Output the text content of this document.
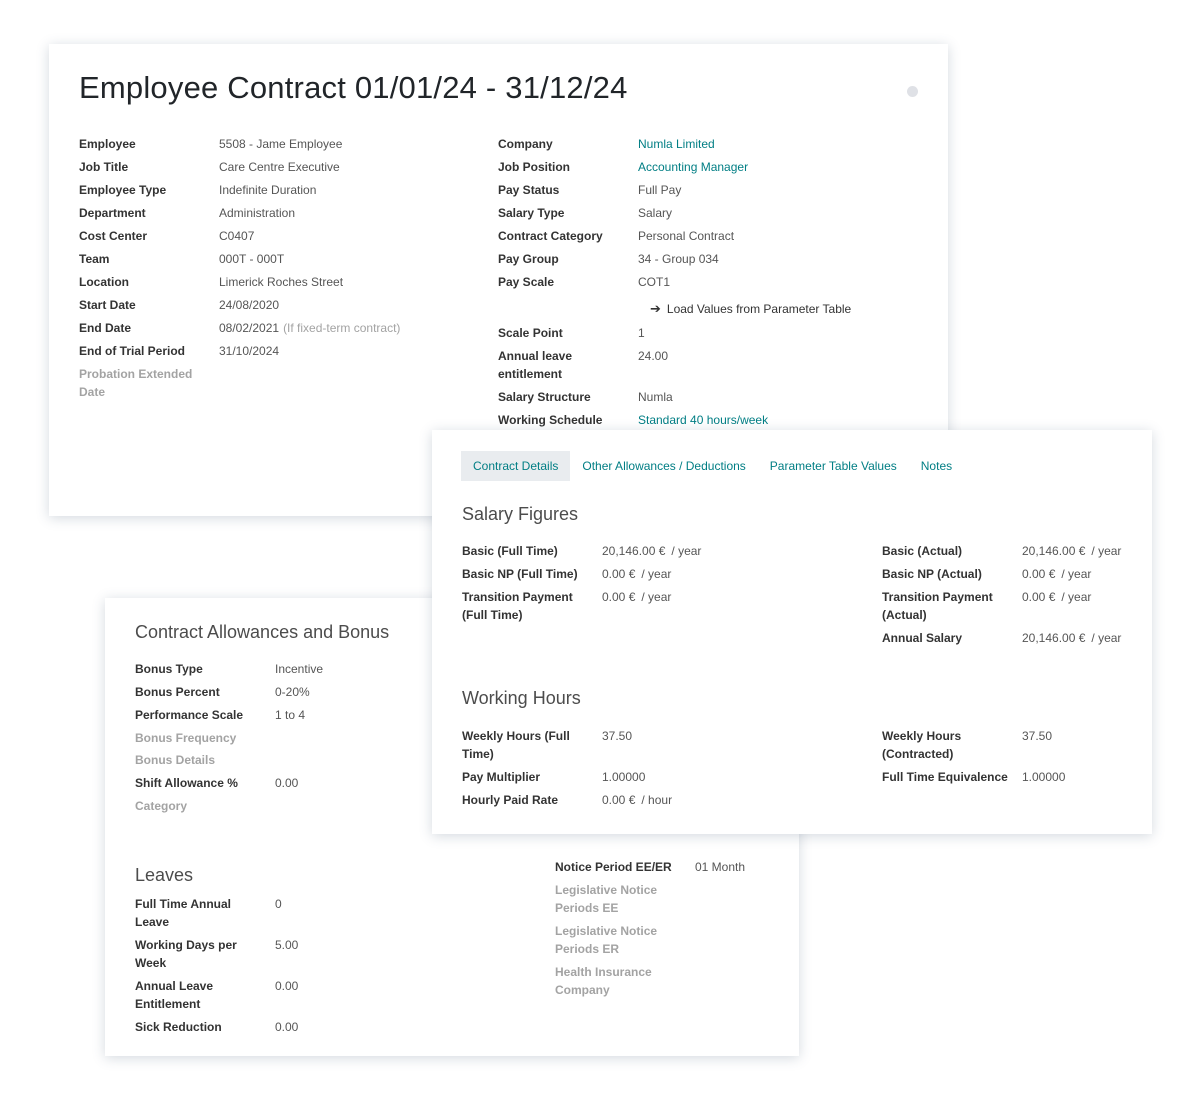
Employee Contract 01/01/24 - 31/12/24
Employee	5508 - Jame Employee
Job Title	Care Centre Executive
Employee Type	Indefinite Duration
Department	Administration
Cost Center	C0407
Team	000T - 000T
Location	Limerick Roches Street
Start Date	24/08/2020
End Date	08/02/2021 (If fixed-term contract)
End of Trial Period	31/10/2024
Probation Extended Date
Company	Numla Limited
Job Position	Accounting Manager
Pay Status	Full Pay
Salary Type	Salary
Contract Category	Personal Contract
Pay Group	34 - Group 034
Pay Scale	COT1
➔ Load Values from Parameter Table
Scale Point	1
Annual leave entitlement
24.00
Salary Structure	Numla
Working Schedule	Standard 40 hours/week
Contract Allowances and Bonus
Bonus Type	Incentive
Bonus Percent	0-20%
Performance Scale	1 to 4
Bonus Frequency
Bonus Details
Shift Allowance %	0.00
Category
Leaves
Full Time Annual Leave
0
Working Days per Week
5.00
Annual Leave Entitlement
0.00
Sick Reduction	0.00
Notice Period EE/ER	01 Month
Legislative Notice Periods EE
Legislative Notice Periods ER
Health Insurance Company
Contract Details	Other Allowances / Deductions	Parameter Table Values	Notes
Salary Figures
Basic (Full Time)	20,146.00 € / year
Basic NP (Full Time)	0.00 € / year
Transition Payment (Full Time)
0.00 € / year
Basic (Actual)	20,146.00 € / year
Basic NP (Actual)	0.00 € / year
Transition Payment (Actual)
0.00 € / year
Annual Salary	20,146.00 € / year
Working Hours
Weekly Hours (Full Time)
37.50
Pay Multiplier	1.00000
Hourly Paid Rate	0.00 € / hour
Weekly Hours (Contracted)
37.50
Full Time Equivalence	1.00000
